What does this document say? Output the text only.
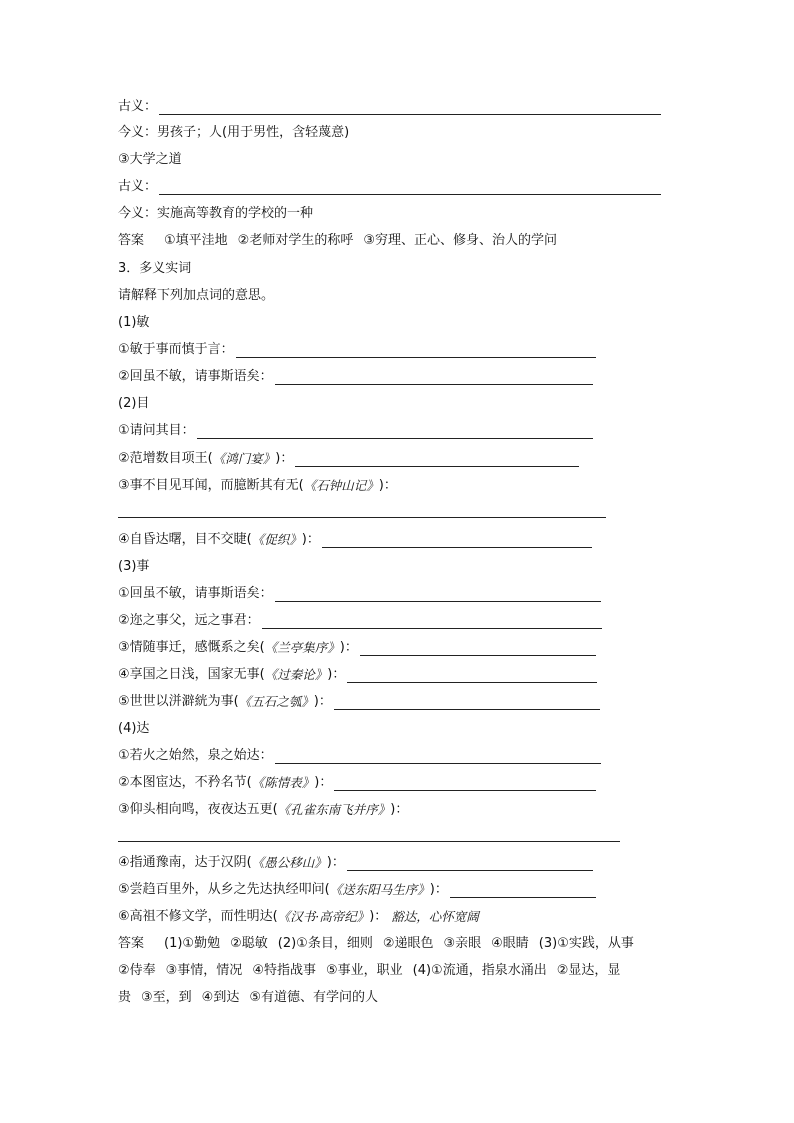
古义：
今义：男孩子；人(用于男性，含轻蔑意)
③大学之道
古义：
今义：实施高等教育的学校的一种
答案 ①填平洼地 ②老师对学生的称呼 ③穷理、正心、修身、治人的学问
3．多义实词
请解释下列加点词的意思。
(1)敏
①敏于事而慎于言：
②回虽不敏，请事斯语矣：
(2)目
①请问其目：
②范增数目项王( 《鸿门宴》 )：
③事不目见耳闻，而臆断其有无( 《石钟山记》 )：
④自昏达曙，目不交睫( 《促织》 )：
(3)事
①回虽不敏，请事斯语矣：
②迩之事父，远之事君：
③情随事迁，感慨系之矣( 《兰亭集序》 )：
④享国之日浅，国家无事( 《过秦论》 )：
⑤世世以洴澼絖为事( 《五石之瓠》 )：
(4)达
①若火之始然，泉之始达：
②本图宦达，不矜名节( 《陈情表》 )：
③仰头相向鸣，夜夜达五更( 《孔雀东南飞并序》 )：
④指通豫南，达于汉阴( 《愚公移山》 )：
⑤尝趋百里外，从乡之先达执经叩问( 《送东阳马生序》 )：
⑥高祖不修文学，而性明达( 《汉书·高帝纪》 )： 豁达，心怀宽阔
答案 (1)①勤勉 ②聪敏 (2)①条目，细则 ②递眼色 ③亲眼 ④眼睛 (3)①实践，从事
②侍奉 ③事情，情况 ④特指战事 ⑤事业，职业 (4)①流通，指泉水涌出 ②显达，显
贵 ③至，到 ④到达 ⑤有道德、有学问的人
